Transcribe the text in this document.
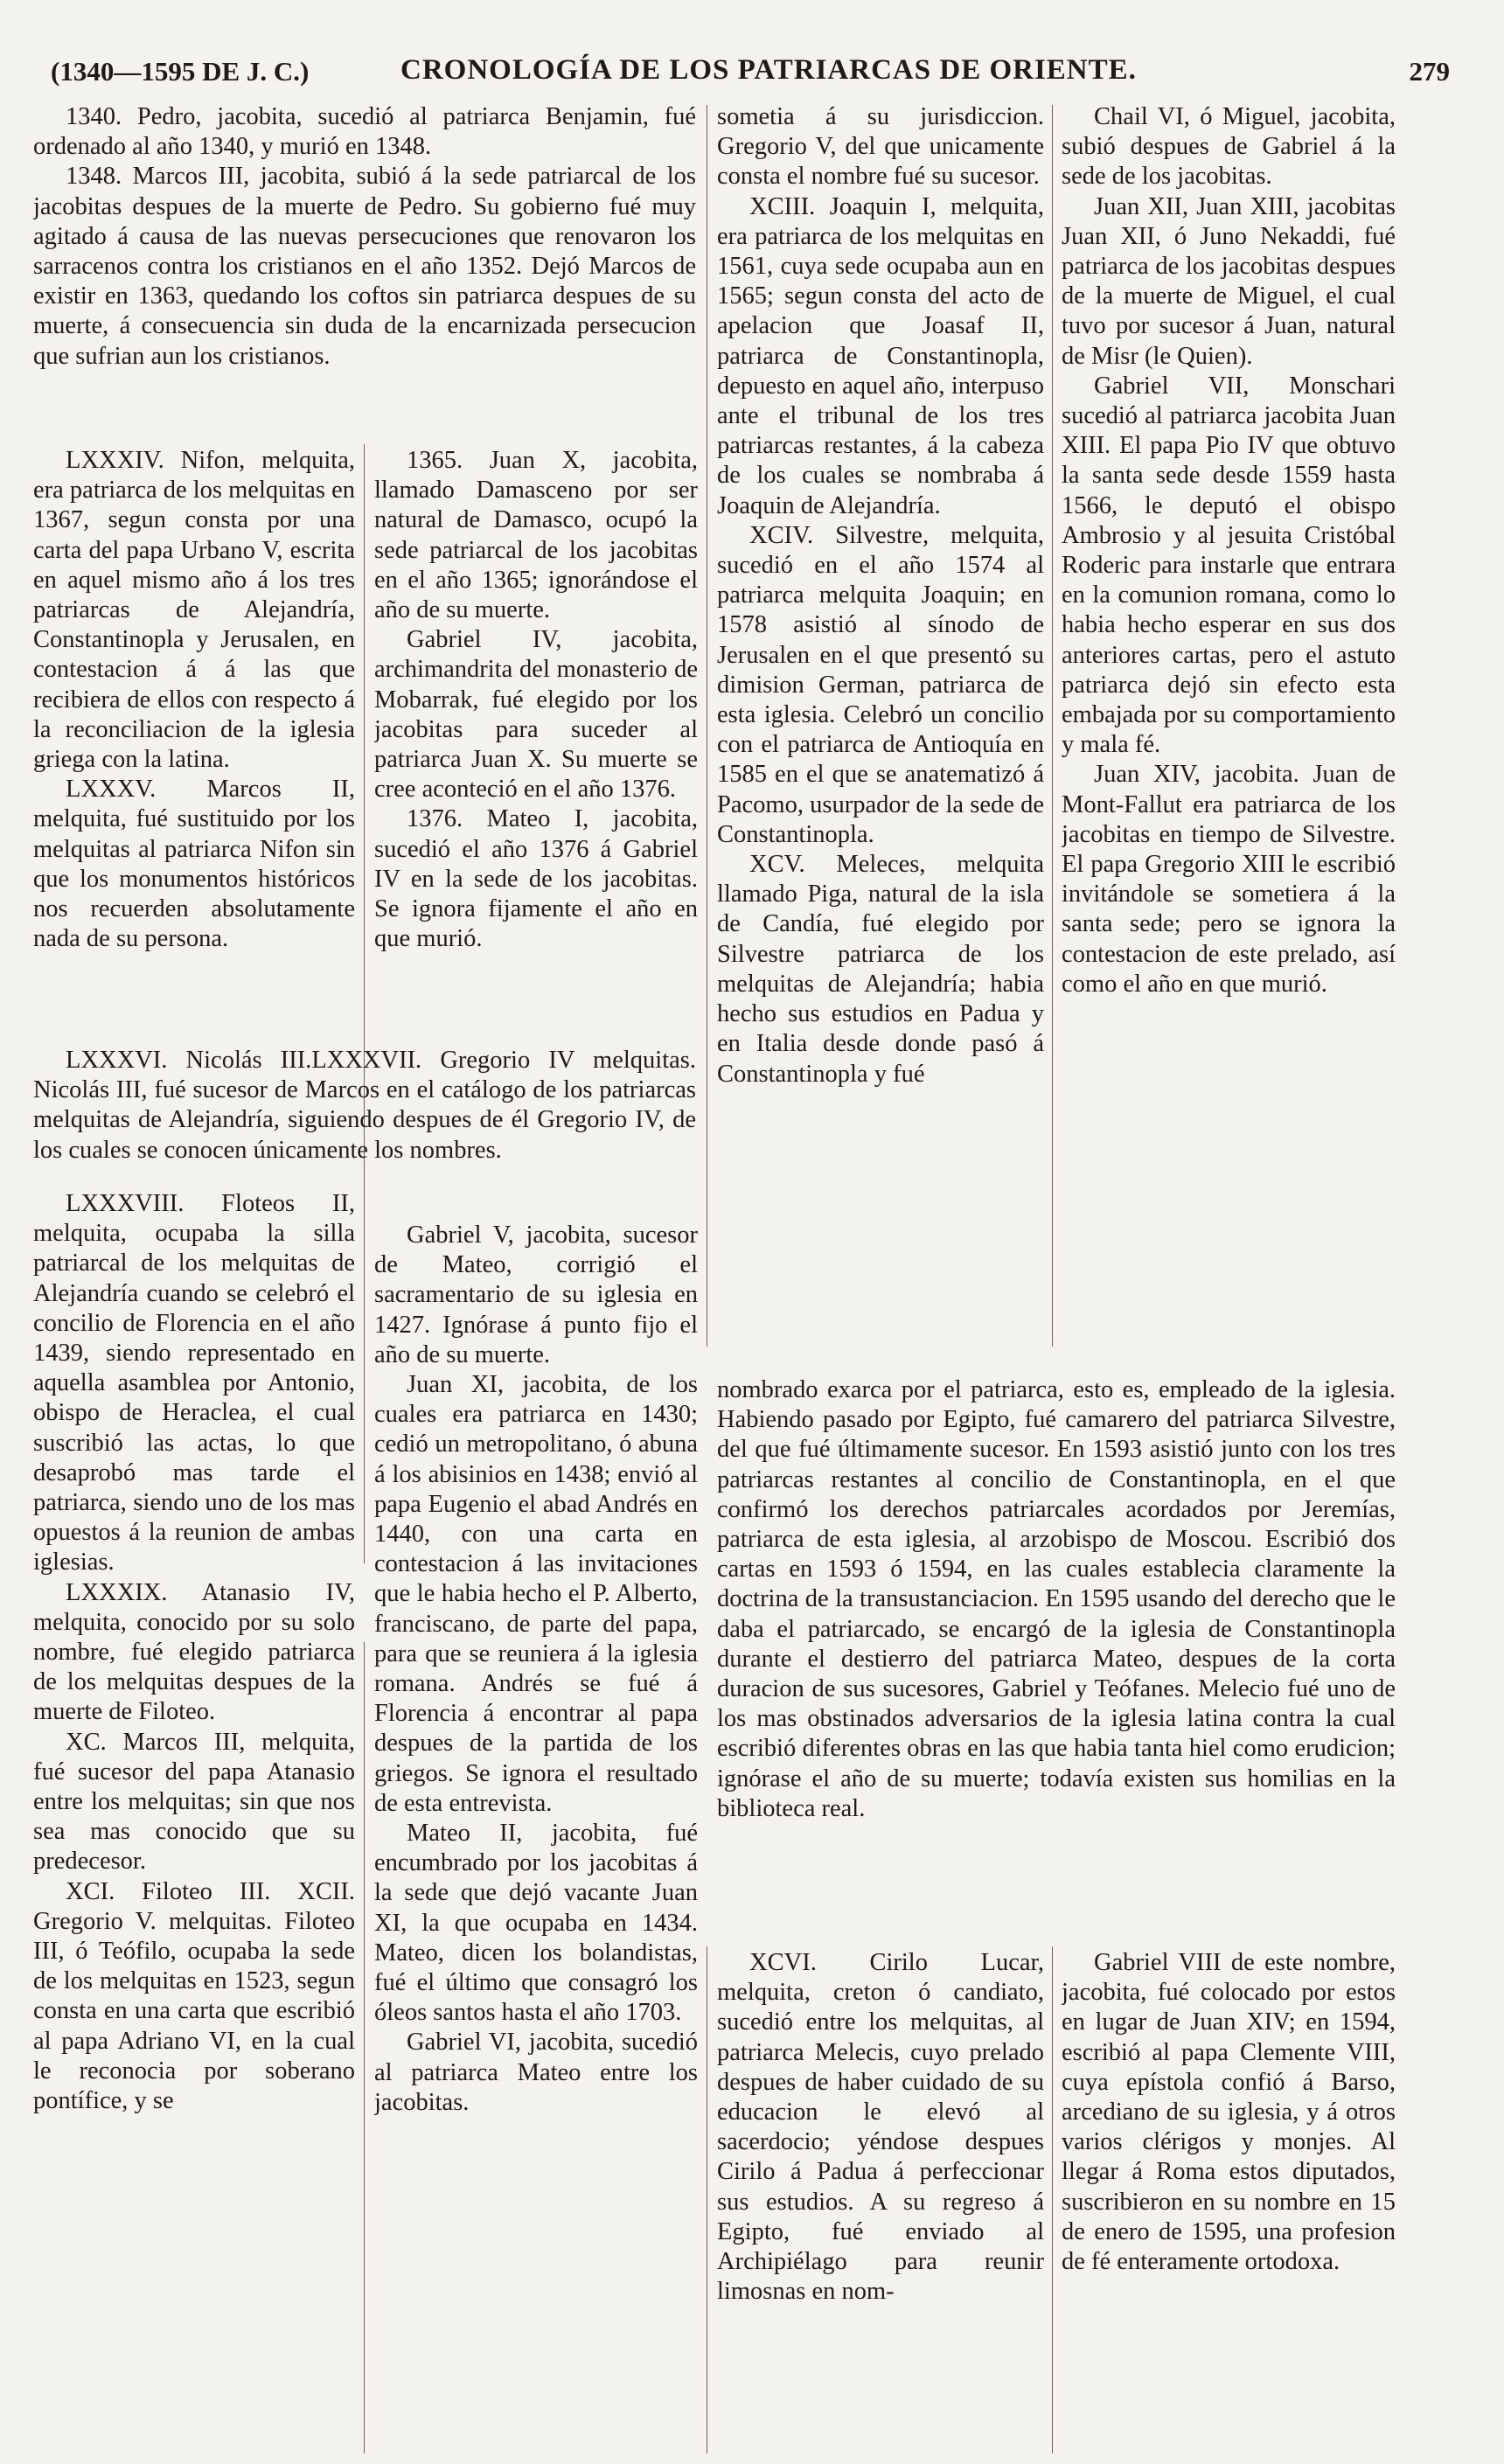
(1340—1595 DE J. C.)	CRONOLOGÍA DE LOS PATRIARCAS DE ORIENTE.	279

1340. Pedro, jacobita, sucedió al patriarca Benjamin, fué ordenado al año 1340, y murió en 1348.

1348. Marcos III, jacobita, subió á la sede patriarcal de los jacobitas despues de la muerte de Pedro. Su gobierno fué muy agitado á causa de las nuevas persecuciones que renovaron los sarracenos contra los cristianos en el año 1352. Dejó Marcos de existir en 1363, quedando los coftos sin patriarca despues de su muerte, á consecuencia sin duda de la encarnizada persecucion que sufrian aun los cristianos.

LXXXIV. Nifon, melquita, era patriarca de los melquitas en 1367, segun consta por una carta del papa Urbano V, escrita en aquel mismo año á los tres patriarcas de Alejandría, Constantinopla y Jerusalen, en contestacion á á las que recibiera de ellos con respecto á la reconciliacion de la iglesia griega con la latina.

LXXXV. Marcos II, melquita, fué sustituido por los melquitas al patriarca Nifon sin que los monumentos históricos nos recuerden absolutamente nada de su persona.

1365. Juan X, jacobita, llamado Damasceno por ser natural de Damasco, ocupó la sede patriarcal de los jacobitas en el año 1365; ignorándose el año de su muerte.

Gabriel IV, jacobita, archimandrita del monasterio de Mobarrak, fué elegido por los jacobitas para suceder al patriarca Juan X. Su muerte se cree aconteció en el año 1376.

1376. Mateo I, jacobita, sucedió el año 1376 á Gabriel IV en la sede de los jacobitas. Se ignora fijamente el año en que murió.

LXXXVI. Nicolás III.LXXXVII. Gregorio IV melquitas. Nicolás III, fué sucesor de Marcos en el catálogo de los patriarcas melquitas de Alejandría, siguiendo despues de él Gregorio IV, de los cuales se conocen únicamente los nombres.

LXXXVIII. Floteos II, melquita, ocupaba la silla patriarcal de los melquitas de Alejandría cuando se celebró el concilio de Florencia en el año 1439, siendo representado en aquella asamblea por Antonio, obispo de Heraclea, el cual suscribió las actas, lo que desaprobó mas tarde el patriarca, siendo uno de los mas opuestos á la reunion de ambas iglesias.

LXXXIX. Atanasio IV, melquita, conocido por su solo nombre, fué elegido patriarca de los melquitas despues de la muerte de Filoteo.

XC. Marcos III, melquita, fué sucesor del papa Atanasio entre los melquitas; sin que nos sea mas conocido que su predecesor.

XCI. Filoteo III. XCII. Gregorio V. melquitas. Filoteo III, ó Teófilo, ocupaba la sede de los melquitas en 1523, segun consta en una carta que escribió al papa Adriano VI, en la cual le reconocia por soberano pontífice, y se

Gabriel V, jacobita, sucesor de Mateo, corrigió el sacramentario de su iglesia en 1427. Ignórase á punto fijo el año de su muerte.

Juan XI, jacobita, de los cuales era patriarca en 1430; cedió un metropolitano, ó abuna á los abisinios en 1438; envió al papa Eugenio el abad Andrés en 1440, con una carta en contestacion á las invitaciones que le habia hecho el P. Alberto, franciscano, de parte del papa, para que se reuniera á la iglesia romana. Andrés se fué á Florencia á encontrar al papa despues de la partida de los griegos. Se ignora el resultado de esta entrevista.

Mateo II, jacobita, fué encumbrado por los jacobitas á la sede que dejó vacante Juan XI, la que ocupaba en 1434. Mateo, dicen los bolandistas, fué el último que consagró los óleos santos hasta el año 1703.

Gabriel VI, jacobita, sucedió al patriarca Mateo entre los jacobitas.

sometia á su jurisdiccion. Gregorio V, del que unicamente consta el nombre fué su sucesor.

XCIII. Joaquin I, melquita, era patriarca de los melquitas en 1561, cuya sede ocupaba aun en 1565; segun consta del acto de apelacion que Joasaf II, patriarca de Constantinopla, depuesto en aquel año, interpuso ante el tribunal de los tres patriarcas restantes, á la cabeza de los cuales se nombraba á Joaquin de Alejandría.

XCIV. Silvestre, melquita, sucedió en el año 1574 al patriarca melquita Joaquin; en 1578 asistió al sínodo de Jerusalen en el que presentó su dimision German, patriarca de esta iglesia. Celebró un concilio con el patriarca de Antioquía en 1585 en el que se anatematizó á Pacomo, usurpador de la sede de Constantinopla.

XCV. Meleces, melquita llamado Piga, natural de la isla de Candía, fué elegido por Silvestre patriarca de los melquitas de Alejandría; habia hecho sus estudios en Padua y en Italia desde donde pasó á Constantinopla y fué

Chail VI, ó Miguel, jacobita, subió despues de Gabriel á la sede de los jacobitas.

Juan XII, Juan XIII, jacobitas Juan XII, ó Juno Nekaddi, fué patriarca de los jacobitas despues de la muerte de Miguel, el cual tuvo por sucesor á Juan, natural de Misr (le Quien).

Gabriel VII, Monschari sucedió al patriarca jacobita Juan XIII. El papa Pio IV que obtuvo la santa sede desde 1559 hasta 1566, le deputó el obispo Ambrosio y al jesuita Cristóbal Roderic para instarle que entrara en la comunion romana, como lo habia hecho esperar en sus dos anteriores cartas, pero el astuto patriarca dejó sin efecto esta embajada por su comportamiento y mala fé.

Juan XIV, jacobita. Juan de Mont-Fallut era patriarca de los jacobitas en tiempo de Silvestre. El papa Gregorio XIII le escribió invitándole se sometiera á la santa sede; pero se ignora la contestacion de este prelado, así como el año en que murió.

nombrado exarca por el patriarca, esto es, empleado de la iglesia. Habiendo pasado por Egipto, fué camarero del patriarca Silvestre, del que fué últimamente sucesor. En 1593 asistió junto con los tres patriarcas restantes al concilio de Constantinopla, en el que confirmó los derechos patriarcales acordados por Jeremías, patriarca de esta iglesia, al arzobispo de Moscou. Escribió dos cartas en 1593 ó 1594, en las cuales establecia claramente la doctrina de la transustanciacion. En 1595 usando del derecho que le daba el patriarcado, se encargó de la iglesia de Constantinopla durante el destierro del patriarca Mateo, despues de la corta duracion de sus sucesores, Gabriel y Teófanes. Melecio fué uno de los mas obstinados adversarios de la iglesia latina contra la cual escribió diferentes obras en las que habia tanta hiel como erudicion; ignórase el año de su muerte; todavía existen sus homilias en la biblioteca real.

XCVI. Cirilo Lucar, melquita, creton ó candiato, sucedió entre los melquitas, al patriarca Melecis, cuyo prelado despues de haber cuidado de su educacion le elevó al sacerdocio; yéndose despues Cirilo á Padua á perfeccionar sus estudios. A su regreso á Egipto, fué enviado al Archipiélago para reunir limosnas en nom-

Gabriel VIII de este nombre, jacobita, fué colocado por estos en lugar de Juan XIV; en 1594, escribió al papa Clemente VIII, cuya epístola confió á Barso, arcediano de su iglesia, y á otros varios clérigos y monjes. Al llegar á Roma estos diputados, suscribieron en su nombre en 15 de enero de 1595, una profesion de fé enteramente ortodoxa.
